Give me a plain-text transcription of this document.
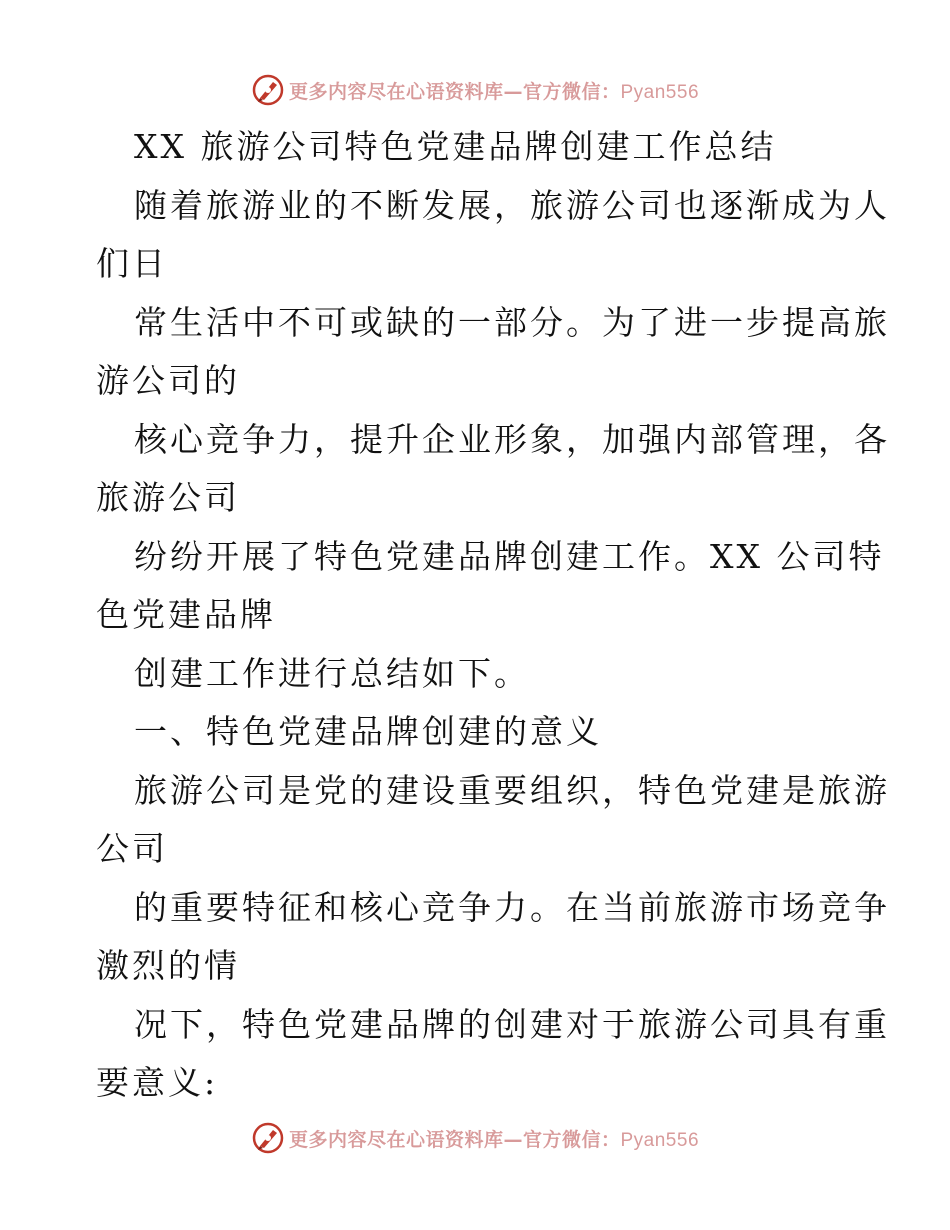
更多内容尽在心语资料库—官方微信：Pyan556
XX 旅游公司特色党建品牌创建工作总结
随着旅游业的不断发展，旅游公司也逐渐成为人
们日
常生活中不可或缺的一部分。为了进一步提高旅
游公司的
核心竞争力，提升企业形象，加强内部管理，各
旅游公司
纷纷开展了特色党建品牌创建工作。XX 公司特
色党建品牌
创建工作进行总结如下。
一、特色党建品牌创建的意义
旅游公司是党的建设重要组织，特色党建是旅游
公司
的重要特征和核心竞争力。在当前旅游市场竞争
激烈的情
况下，特色党建品牌的创建对于旅游公司具有重
要意义:
更多内容尽在心语资料库—官方微信：Pyan556
